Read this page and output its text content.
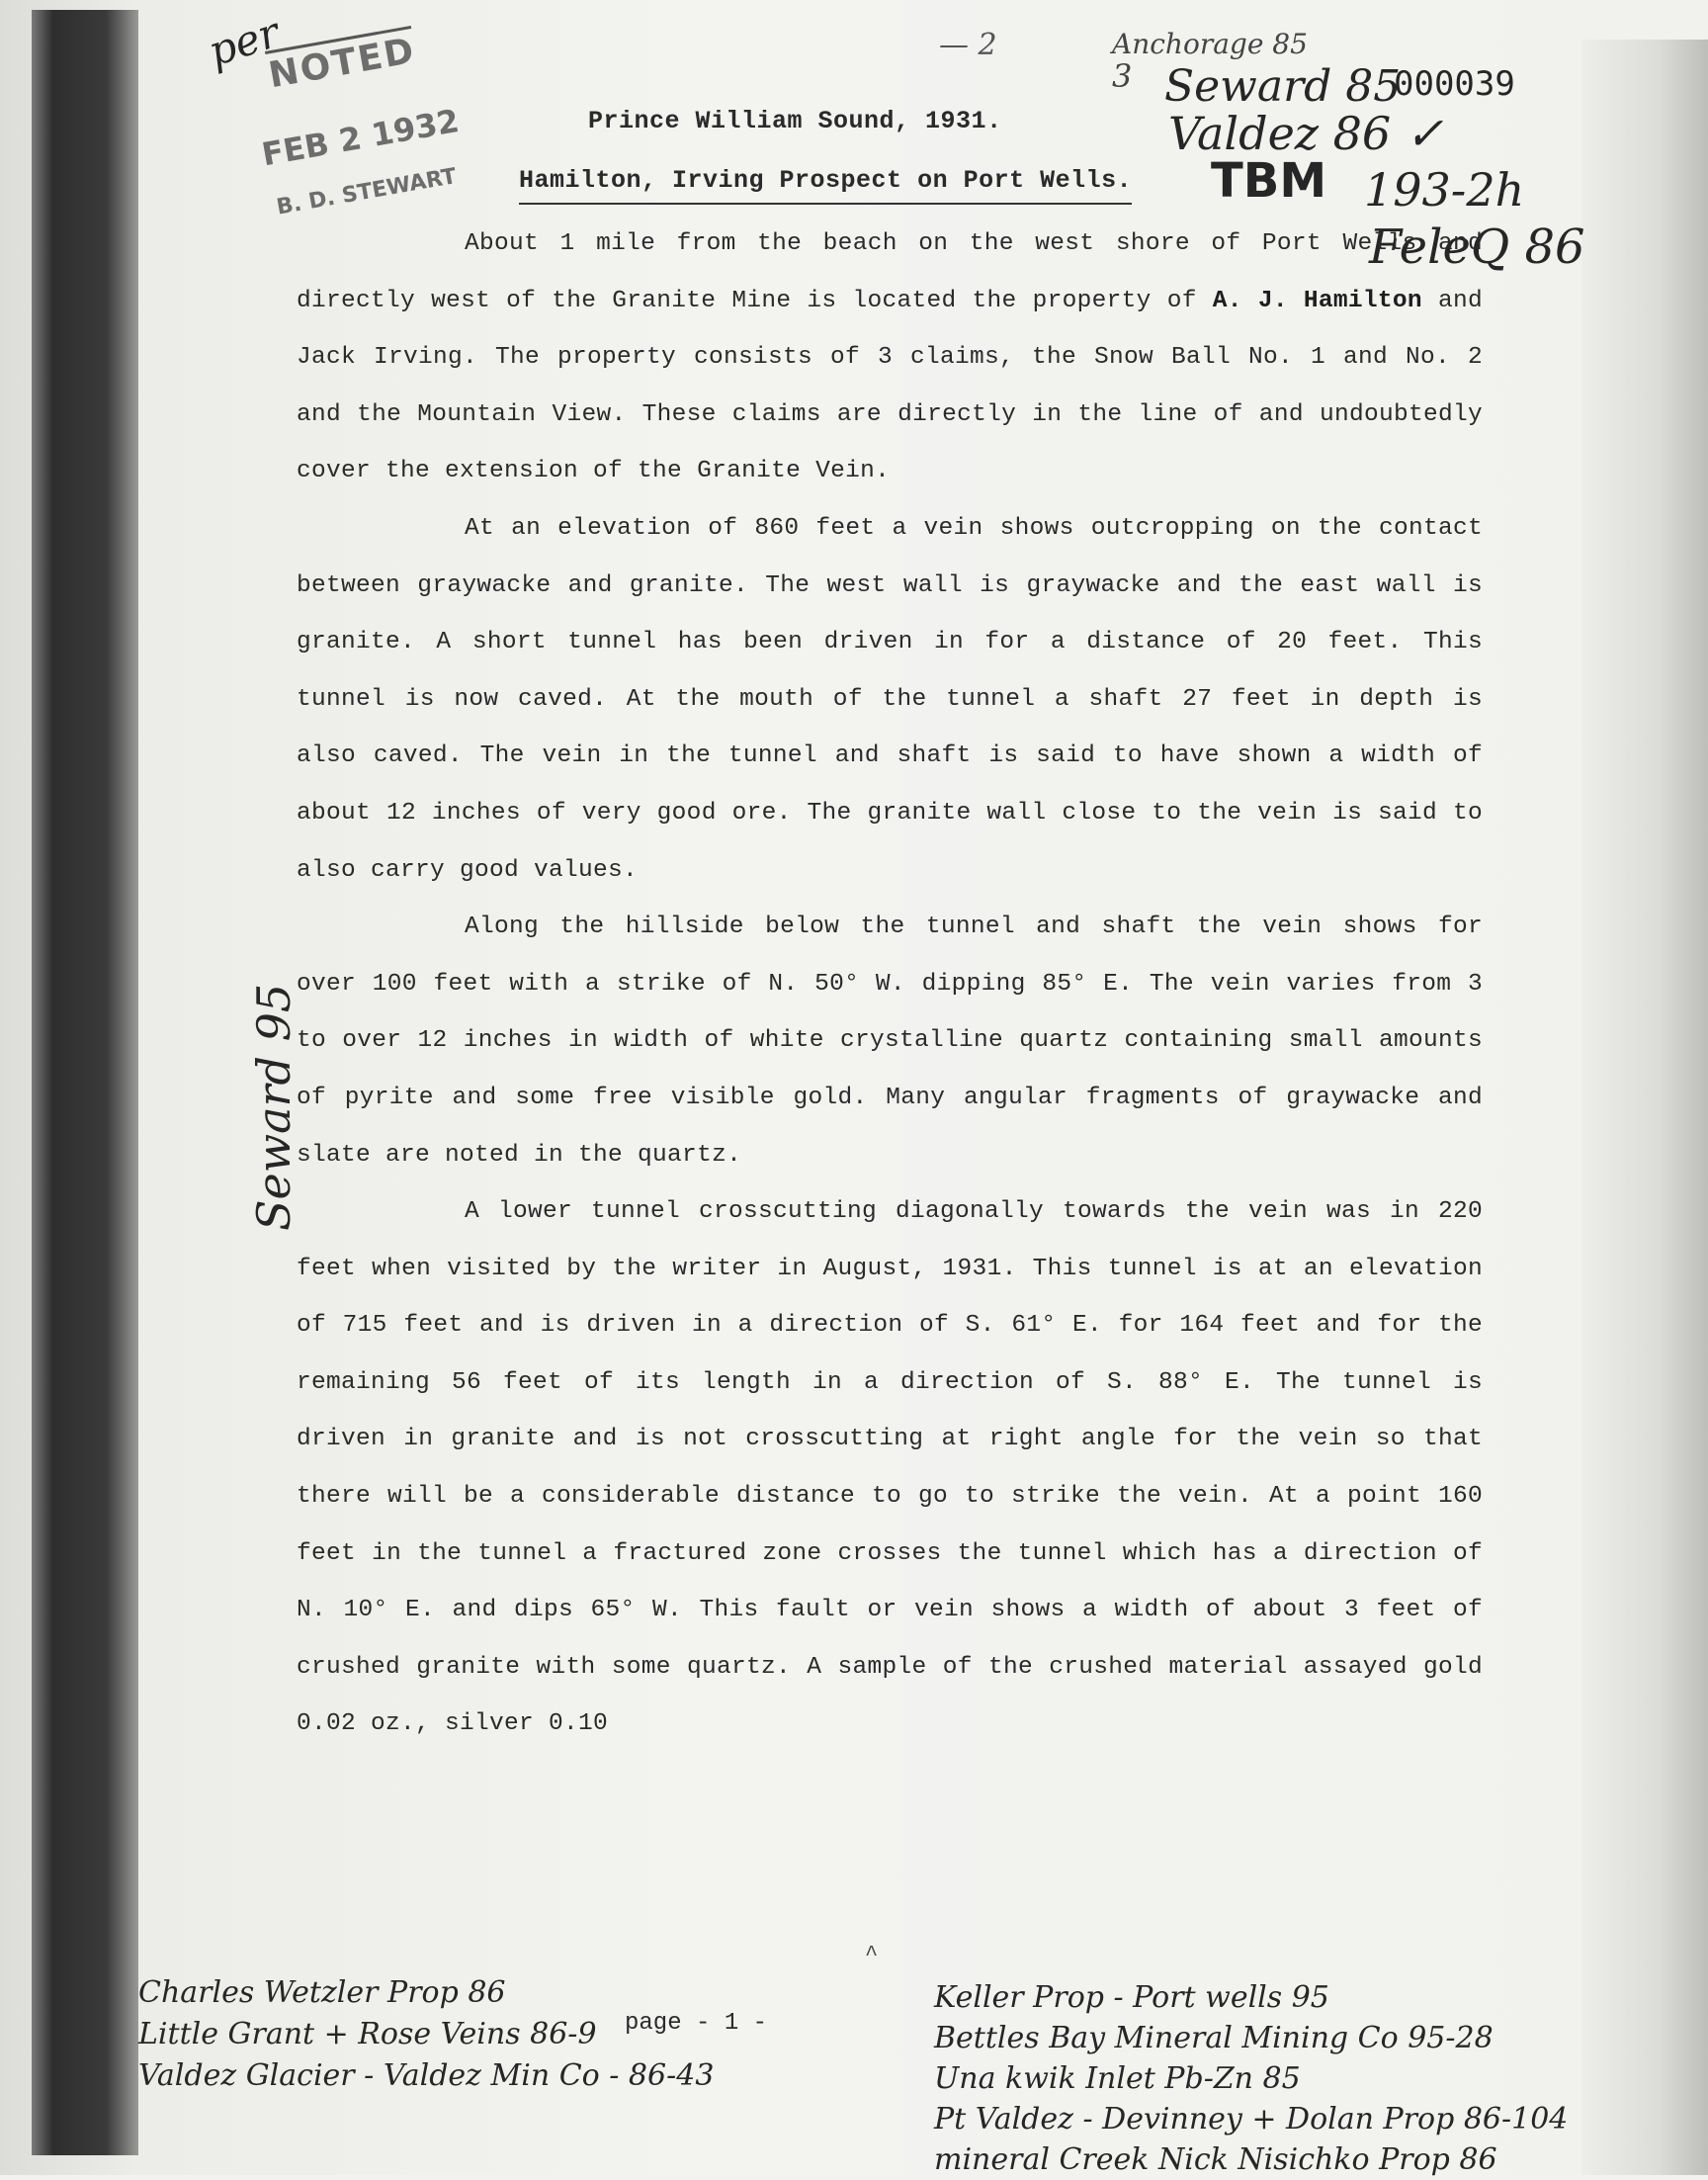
per
NOTED
FEB 2 1932
B. D. STEWART
— 2	Anchorage 85
3 Seward 85
000039
Valdez 86 ✓
TBM 193-2h
FeleQ 86
Seward 95
Prince William Sound, 1931.
Hamilton, Irving Prospect on Port Wells.

About 1 mile from the beach on the west shore of Port Wells and directly west of the Granite Mine is located the property of A. J. Hamilton and Jack Irving. The property consists of 3 claims, the Snow Ball No. 1 and No. 2 and the Mountain View. These claims are directly in the line of and undoubtedly cover the extension of the Granite Vein.

At an elevation of 860 feet a vein shows outcropping on the contact between graywacke and granite. The west wall is graywacke and the east wall is granite. A short tunnel has been driven in for a distance of 20 feet. This tunnel is now caved. At the mouth of the tunnel a shaft 27 feet in depth is also caved. The vein in the tunnel and shaft is said to have shown a width of about 12 inches of very good ore. The granite wall close to the vein is said to also carry good values.

Along the hillside below the tunnel and shaft the vein shows for over 100 feet with a strike of N. 50° W. dipping 85° E. The vein varies from 3 to over 12 inches in width of white crystalline quartz containing small amounts of pyrite and some free visible gold. Many angular fragments of graywacke and slate are noted in the quartz.

A lower tunnel crosscutting diagonally towards the vein was in 220 feet when visited by the writer in August, 1931. This tunnel is at an elevation of 715 feet and is driven in a direction of S. 61° E. for 164 feet and for the remaining 56 feet of its length in a direction of S. 88° E. The tunnel is driven in granite and is not crosscutting at right angle for the vein so that there will be a considerable distance to go to strike the vein. At a point 160 feet in the tunnel a fractured zone crosses the tunnel which has a direction of N. 10° E. and dips 65° W. This fault or vein shows a width of about 3 feet of crushed granite with some quartz. A sample of the crushed material assayed gold 0.02 oz., silver 0.10

^
page - 1 -
Charles Wetzler Prop 86
Little Grant + Rose Veins 86-9
Valdez Glacier - Valdez Min Co - 86-43
Keller Prop - Port wells 95
Bettles Bay Mineral Mining Co 95-28
Una kwik Inlet Pb-Zn 85
Pt Valdez - Devinney + Dolan Prop 86-104
mineral Creek Nick Nisichko Prop 86
